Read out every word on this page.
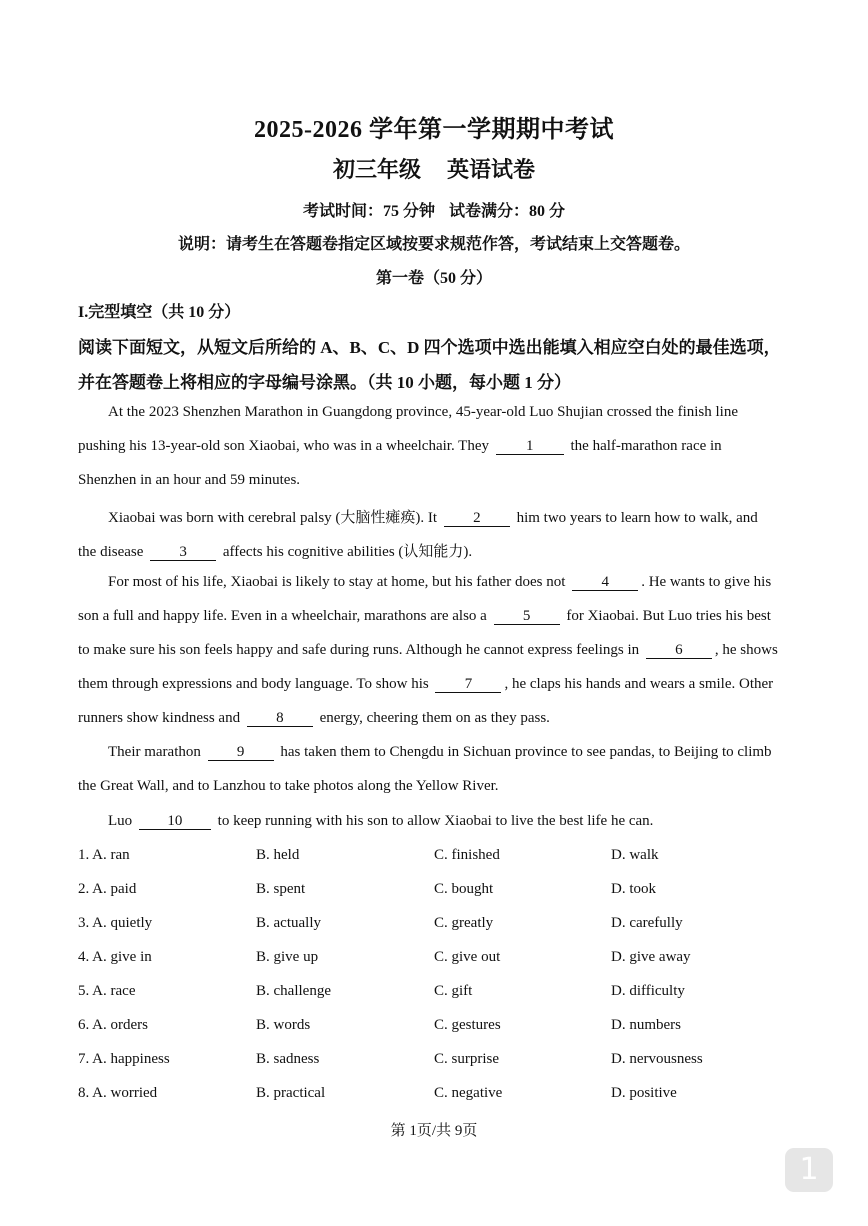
2025-2026 学年第一学期期中考试
初三年级 英语试卷
考试时间：75 分钟 试卷满分：80 分
说明：请考生在答题卷指定区域按要求规范作答，考试结束上交答题卷。
第一卷（50 分）
I.完型填空（共 10 分）
阅读下面短文，从短文后所给的 A、B、C、D 四个选项中选出能填入相应空白处的最佳选项，
并在答题卷上将相应的字母编号涂黑。（共 10 小题，每小题 1 分）
At the 2023 Shenzhen Marathon in Guangdong province, 45-year-old Luo Shujian crossed the finish line
pushing his 13-year-old son Xiaobai, who was in a wheelchair. They 1 the half-marathon race in
Shenzhen in an hour and 59 minutes.
Xiaobai was born with cerebral palsy (大脑性瘫痪). It 2 him two years to learn how to walk, and
the disease 3 affects his cognitive abilities (认知能力).
For most of his life, Xiaobai is likely to stay at home, but his father does not 4 . He wants to give his
son a full and happy life. Even in a wheelchair, marathons are also a 5 for Xiaobai. But Luo tries his best
to make sure his son feels happy and safe during runs. Although he cannot express feelings in 6 , he shows
them through expressions and body language. To show his 7 , he claps his hands and wears a smile. Other
runners show kindness and 8 energy, cheering them on as they pass.
Their marathon 9 has taken them to Chengdu in Sichuan province to see pandas, to Beijing to climb
the Great Wall, and to Lanzhou to take photos along the Yellow River.
Luo 10 to keep running with his son to allow Xiaobai to live the best life he can.
1. A. ran	B. held	C. finished	D. walk
2. A. paid	B. spent	C. bought	D. took
3. A. quietly	B. actually	C. greatly	D. carefully
4. A. give in	B. give up	C. give out	D. give away
5. A. race	B. challenge	C. gift	D. difficulty
6. A. orders	B. words	C. gestures	D. numbers
7. A. happiness	B. sadness	C. surprise	D. nervousness
8. A. worried	B. practical	C. negative	D. positive
第 1页/共 9页
1
